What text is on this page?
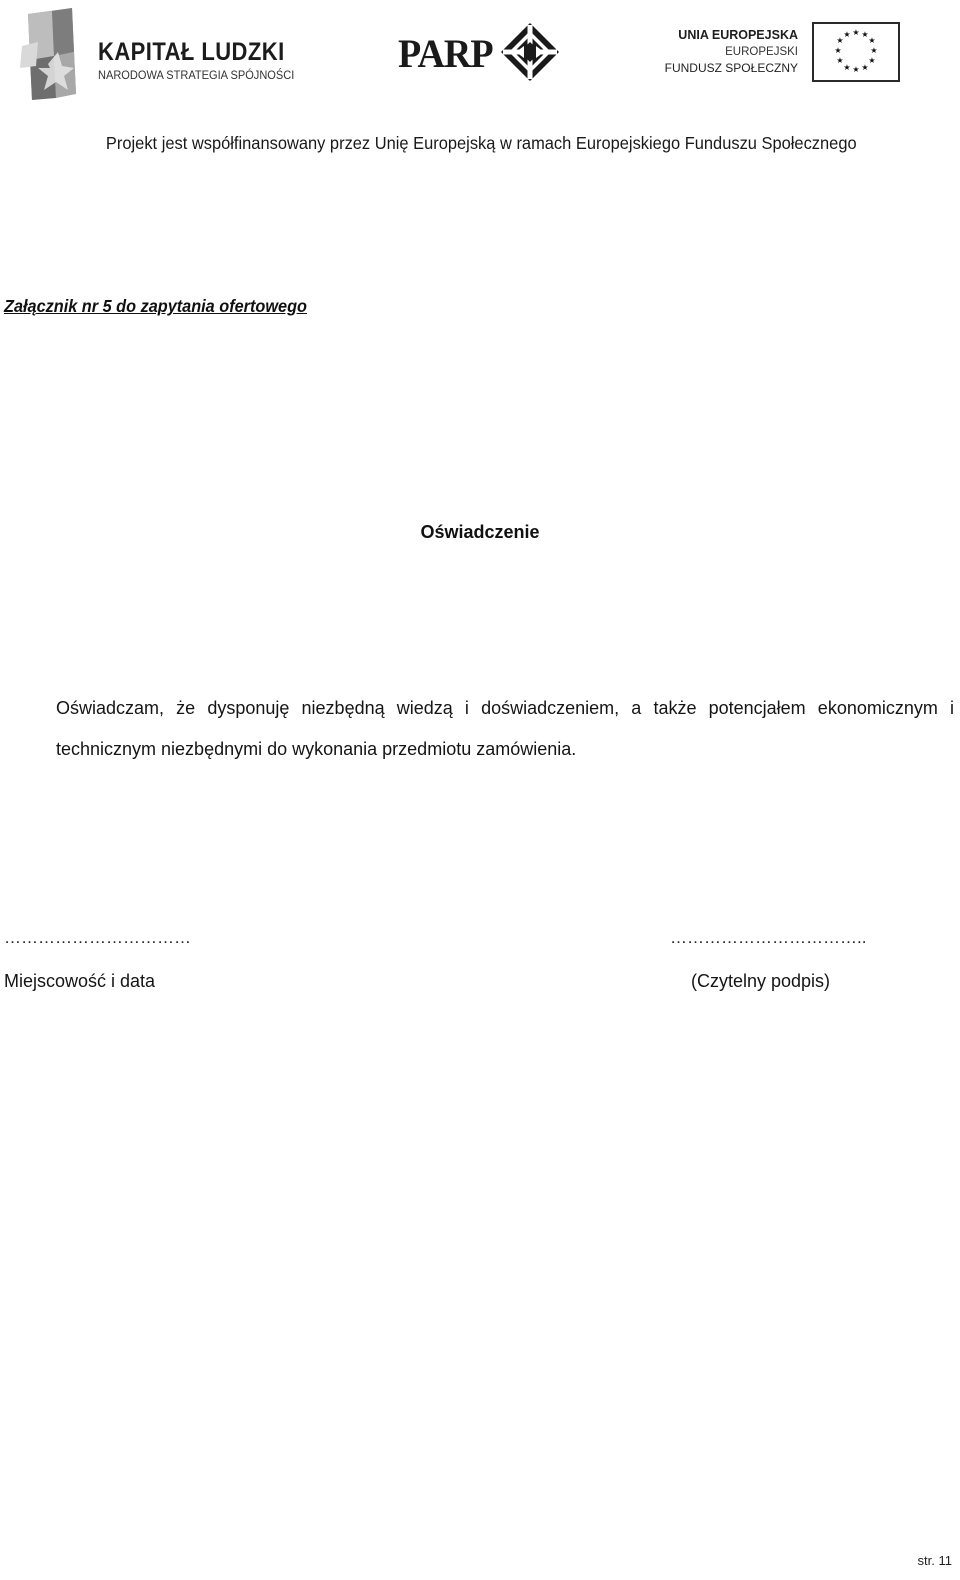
KAPITAŁ LUDZKI
NARODOWA STRATEGIA SPÓJNOŚCI	PARP	UNIA EUROPEJSKA
EUROPEJSKI
FUNDUSZ SPOŁECZNY
★ ★
★
★
★
★
★
★
★
★
★
★
Projekt jest współfinansowany przez Unię Europejską w ramach Europejskiego Funduszu Społecznego
Załącznik nr 5 do zapytania ofertowego
Oświadczenie
Oświadczam, że dysponuję niezbędną wiedzą i doświadczeniem, a także potencjałem ekonomicznym i technicznym niezbędnymi do wykonania przedmiotu zamówienia.
……………………………	……………………………..
Miejscowość i data	(Czytelny podpis)
str. 11
